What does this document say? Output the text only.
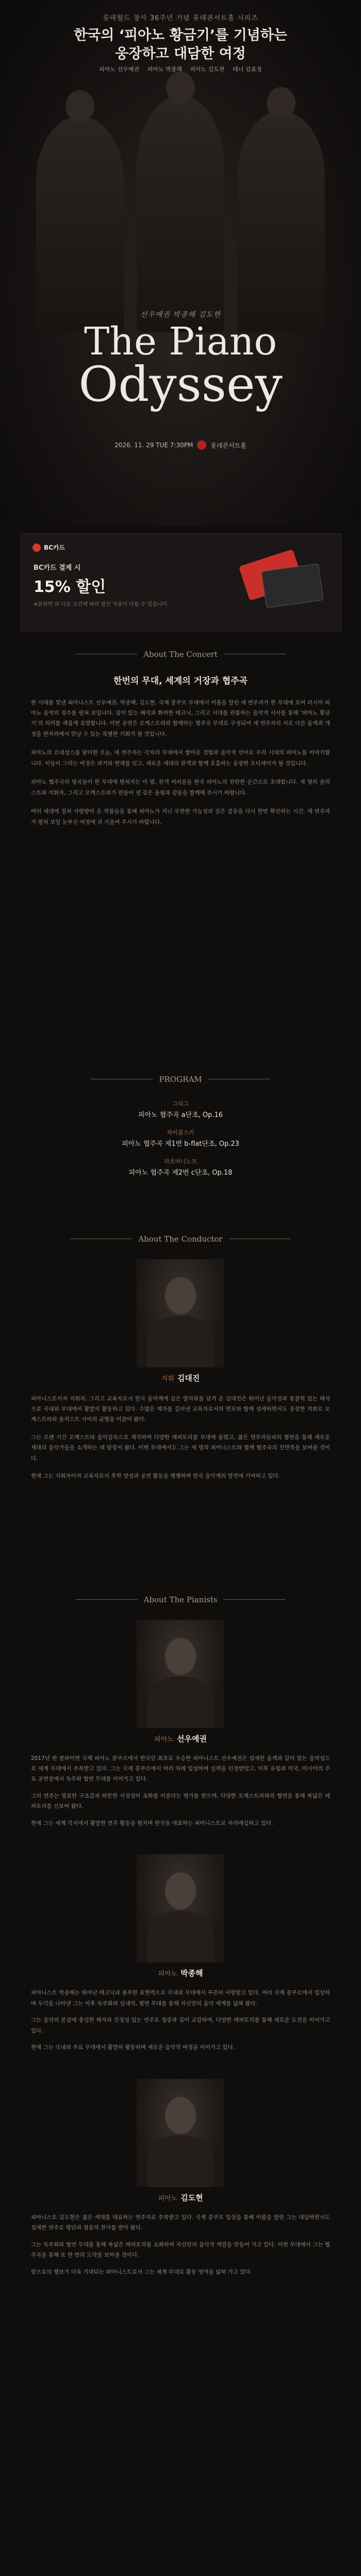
롯데월드 창사 36주년 기념 롯데콘서트홀 시리즈
한국의 ‘피아노 황금기’를 기념하는
웅장하고 대담한 여정
피아노 선우예권 피아노 박종해 피아노 김도현 테너 김효정
선우예권 박종해 김도현
The Piano
Odyssey
2026. 11. 29 TUE 7:30PM	롯데콘서트홀
BC카드
BC카드 결제 시
15% 할인
※본화면 외 다른 조건에 따라 할인 적용이 다를 수 있습니다.
About The Concert
한번의 무대, 세계의 거장과 협주곡
한 시대를 빛낸 피아니스트 선우예권, 박종해, 김도현. 국제 콩쿠르 무대에서 이름을 알린 세 연주자가 한 무대에 모여 러시아 피아노 음악의 정수를 펼쳐 보입니다. 깊이 있는 해석과 화려한 테크닉, 그리고 시대를 관통하는 음악적 서사를 통해 ‘피아노 황금기’의 의미를 새롭게 조명합니다. 이번 공연은 오케스트라와 함께하는 협주곡 무대로 구성되어 세 연주자의 서로 다른 음색과 개성을 한자리에서 만날 수 있는 특별한 기회가 될 것입니다.
피아노의 르네상스를 맞이한 오늘, 세 연주자는 각자의 무대에서 쌓아온 경험과 음악적 언어로 우리 시대의 피아노를 이야기합니다. 이들이 그리는 여정은 과거와 현재를 잇고, 새로운 세대의 관객과 함께 호흡하는 웅장한 오디세이가 될 것입니다.
피아노 협주곡의 명곡들이 한 무대에 펼쳐지는 이 밤, 관객 여러분을 한국 피아노의 찬란한 순간으로 초대합니다. 세 명의 솔리스트와 지휘자, 그리고 오케스트라가 만들어 낼 깊은 울림과 감동을 함께해 주시기 바랍니다.
여러 세대에 걸쳐 사랑받아 온 작품들을 통해 피아노가 지닌 무한한 가능성과 깊은 감동을 다시 한번 확인하는 시간. 세 연주자가 펼쳐 보일 눈부신 여정에 귀 기울여 주시기 바랍니다.
PROGRAM
그리그
피아노 협주곡 a단조, Op.16
차이콥스키
피아노 협주곡 제1번 b-flat단조, Op.23
라흐마니노프
피아노 협주곡 제2번 c단조, Op.18
About The Conductor
지휘 김대진
피아니스트이자 지휘자, 그리고 교육자로서 한국 음악계에 깊은 발자취를 남겨 온 김대진은 뛰어난 음악성과 통찰력 있는 해석으로 국내외 무대에서 활발히 활동하고 있다. 수많은 제자를 길러낸 교육자로서의 면모와 함께 섬세하면서도 웅장한 지휘로 오케스트라와 솔리스트 사이의 균형을 이끌어 왔다.
그는 오랜 기간 오케스트라 음악감독으로 재직하며 다양한 레퍼토리를 무대에 올렸고, 젊은 연주자들과의 협연을 통해 새로운 세대의 음악가들을 소개하는 데 앞장서 왔다. 이번 무대에서도 그는 세 명의 피아니스트와 함께 협주곡의 진면목을 보여줄 것이다.
현재 그는 지휘자이자 교육자로서 후학 양성과 공연 활동을 병행하며 한국 음악계의 발전에 기여하고 있다.
About The Pianists
피아노 선우예권
2017년 반 클라이번 국제 피아노 콩쿠르에서 한국인 최초로 우승한 피아니스트 선우예권은 섬세한 음색과 깊이 있는 음악성으로 세계 무대에서 주목받고 있다. 그는 국제 콩쿠르에서 여러 차례 입상하며 실력을 인정받았고, 이후 유럽과 미국, 아시아의 주요 공연장에서 독주와 협연 무대를 이어가고 있다.
그의 연주는 명료한 구조감과 따뜻한 서정성이 조화를 이룬다는 평가를 받으며, 다양한 오케스트라와의 협연을 통해 폭넓은 레퍼토리를 선보여 왔다.
현재 그는 세계 각지에서 활발한 연주 활동을 펼치며 한국을 대표하는 피아니스트로 자리매김하고 있다.
피아노 박종해
피아니스트 박종해는 뛰어난 테크닉과 풍부한 표현력으로 국내외 무대에서 꾸준히 사랑받고 있다. 여러 국제 콩쿠르에서 입상하며 두각을 나타낸 그는 이후 독주회와 실내악, 협연 무대를 통해 자신만의 음악 세계를 넓혀 왔다.
그는 음악의 본질에 충실한 해석과 진정성 있는 연주로 청중과 깊이 교감하며, 다양한 레퍼토리를 통해 새로운 도전을 이어가고 있다.
현재 그는 국내외 주요 무대에서 활발히 활동하며 새로운 음악적 여정을 이어가고 있다.
피아노 김도현
피아니스트 김도현은 젊은 세대를 대표하는 연주자로 주목받고 있다. 국제 콩쿠르 입상을 통해 이름을 알린 그는 대담하면서도 섬세한 연주로 평단과 청중의 찬사를 받아 왔다.
그는 독주회와 협연 무대를 통해 폭넓은 레퍼토리를 소화하며 자신만의 음악적 색깔을 만들어 가고 있다. 이번 무대에서 그는 협주곡을 통해 또 한 번의 도약을 보여줄 것이다.
앞으로의 행보가 더욱 기대되는 피아니스트로서 그는 세계 무대로 활동 영역을 넓혀 가고 있다.
